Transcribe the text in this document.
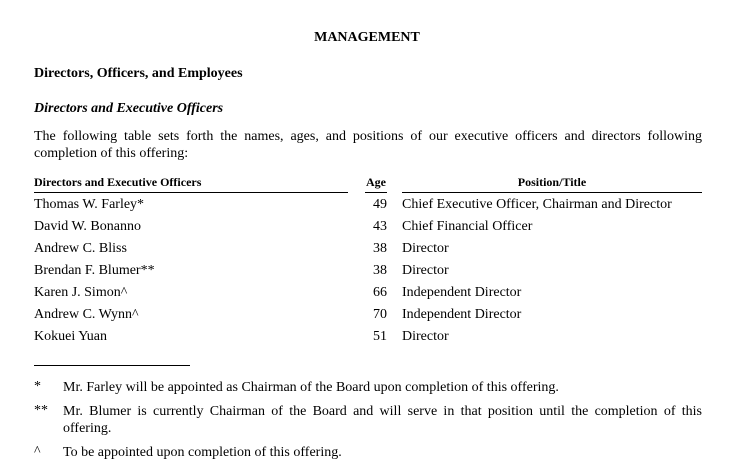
MANAGEMENT
Directors, Officers, and Employees
Directors and Executive Officers
The following table sets forth the names, ages, and positions of our executive officers and directors following completion of this offering:
Directors and Executive Officers	Age	Position/Title
Thomas W. Farley*	49 Chief Executive Officer, Chairman and Director
David W. Bonanno	43 Chief Financial Officer
Andrew C. Bliss	38 Director
Brendan F. Blumer**	38 Director
Karen J. Simon^	66 Independent Director
Andrew C. Wynn^	70 Independent Director
Kokuei Yuan	51 Director
* Mr. Farley will be appointed as Chairman of the Board upon completion of this offering.
** Mr. Blumer is currently Chairman of the Board and will serve in that position until the completion of this offering.
^ To be appointed upon completion of this offering.
